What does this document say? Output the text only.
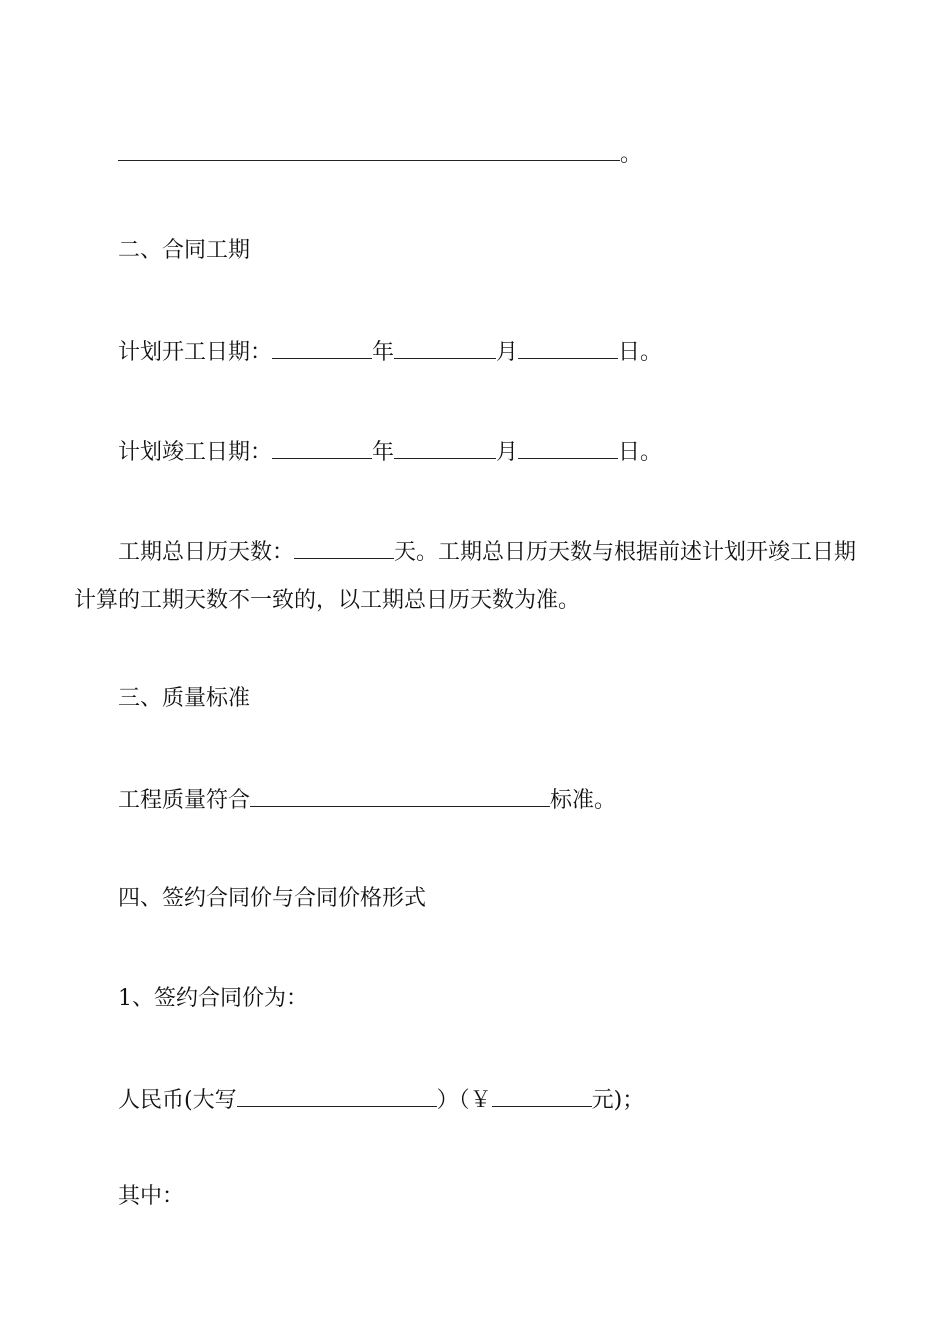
。
二、合同工期
计划开工日期：	年	月	日。
计划竣工日期：	年	月	日。
工期总日历天数：	天。工期总日历天数与根据前述计划开竣工日期
计算的工期天数不一致的，以工期总日历天数为准。
三、质量标准
工程质量符合	标准。
四、签约合同价与合同价格形式
1、签约合同价为：
人民币(大写	）（￥	元)；
其中：
